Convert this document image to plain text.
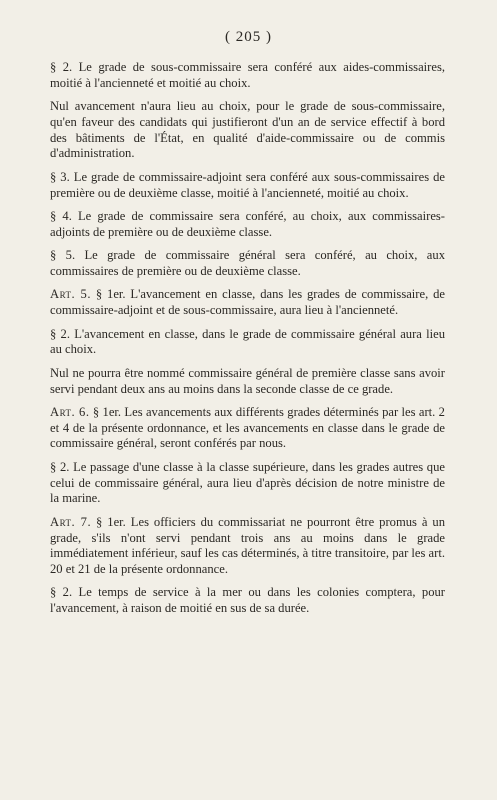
( 205 )

§ 2. Le grade de sous-commissaire sera conféré aux aides-commissaires, moitié à l'ancienneté et moitié au choix.

Nul avancement n'aura lieu au choix, pour le grade de sous-commissaire, qu'en faveur des candidats qui justifieront d'un an de service effectif à bord des bâtiments de l'État, en qualité d'aide-commissaire ou de commis d'administration.

§ 3. Le grade de commissaire-adjoint sera conféré aux sous-commissaires de première ou de deuxième classe, moitié à l'ancienneté, moitié au choix.

§ 4. Le grade de commissaire sera conféré, au choix, aux commissaires-adjoints de première ou de deuxième classe.

§ 5. Le grade de commissaire général sera conféré, au choix, aux commissaires de première ou de deuxième classe.

Art. 5. § 1er. L'avancement en classe, dans les grades de commissaire, de commissaire-adjoint et de sous-commissaire, aura lieu à l'ancienneté.

§ 2. L'avancement en classe, dans le grade de commissaire général aura lieu au choix.

Nul ne pourra être nommé commissaire général de première classe sans avoir servi pendant deux ans au moins dans la seconde classe de ce grade.

Art. 6. § 1er. Les avancements aux différents grades déterminés par les art. 2 et 4 de la présente ordonnance, et les avancements en classe dans le grade de commissaire général, seront conférés par nous.

§ 2. Le passage d'une classe à la classe supérieure, dans les grades autres que celui de commissaire général, aura lieu d'après décision de notre ministre de la marine.

Art. 7. § 1er. Les officiers du commissariat ne pourront être promus à un grade, s'ils n'ont servi pendant trois ans au moins dans le grade immédiatement inférieur, sauf les cas déterminés, à titre transitoire, par les art. 20 et 21 de la présente ordonnance.

§ 2. Le temps de service à la mer ou dans les colonies comptera, pour l'avancement, à raison de moitié en sus de sa durée.
